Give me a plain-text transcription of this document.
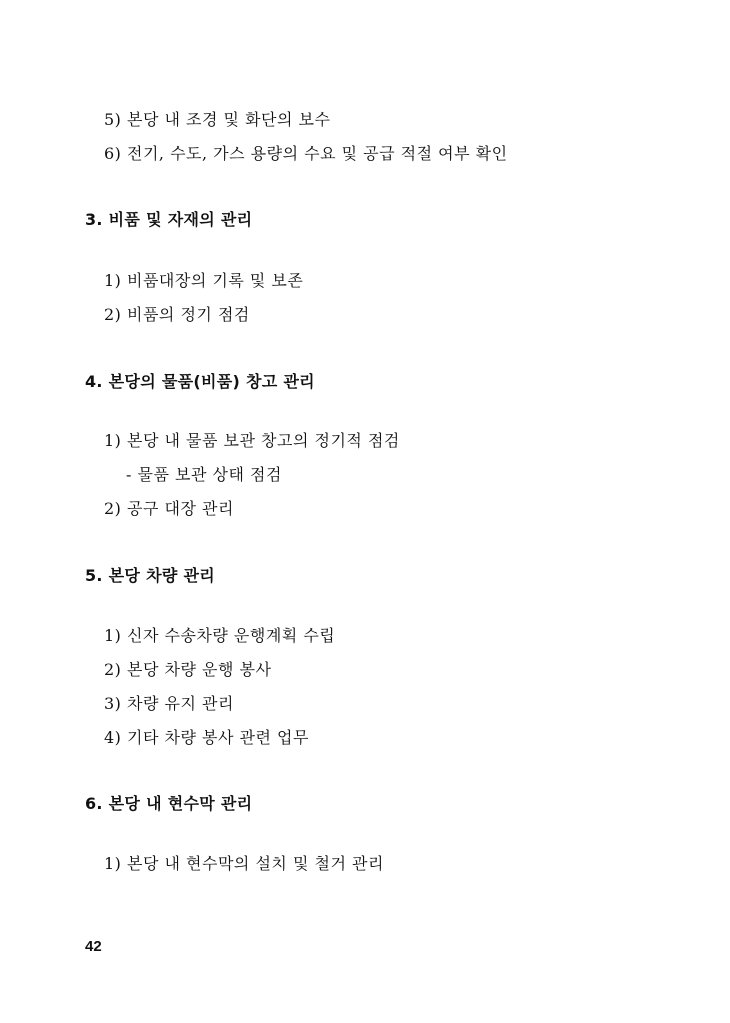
5) 본당 내 조경 및 화단의 보수
6) 전기, 수도, 가스 용량의 수요 및 공급 적절 여부 확인
3. 비품 및 자재의 관리
1) 비품대장의 기록 및 보존
2) 비품의 정기 점검
4. 본당의 물품(비품) 창고 관리
1) 본당 내 물품 보관 창고의 정기적 점검
- 물품 보관 상태 점검
2) 공구 대장 관리
5. 본당 차량 관리
1) 신자 수송차량 운행계획 수립
2) 본당 차량 운행 봉사
3) 차량 유지 관리
4) 기타 차량 봉사 관련 업무
6. 본당 내 현수막 관리
1) 본당 내 현수막의 설치 및 철거 관리
42
